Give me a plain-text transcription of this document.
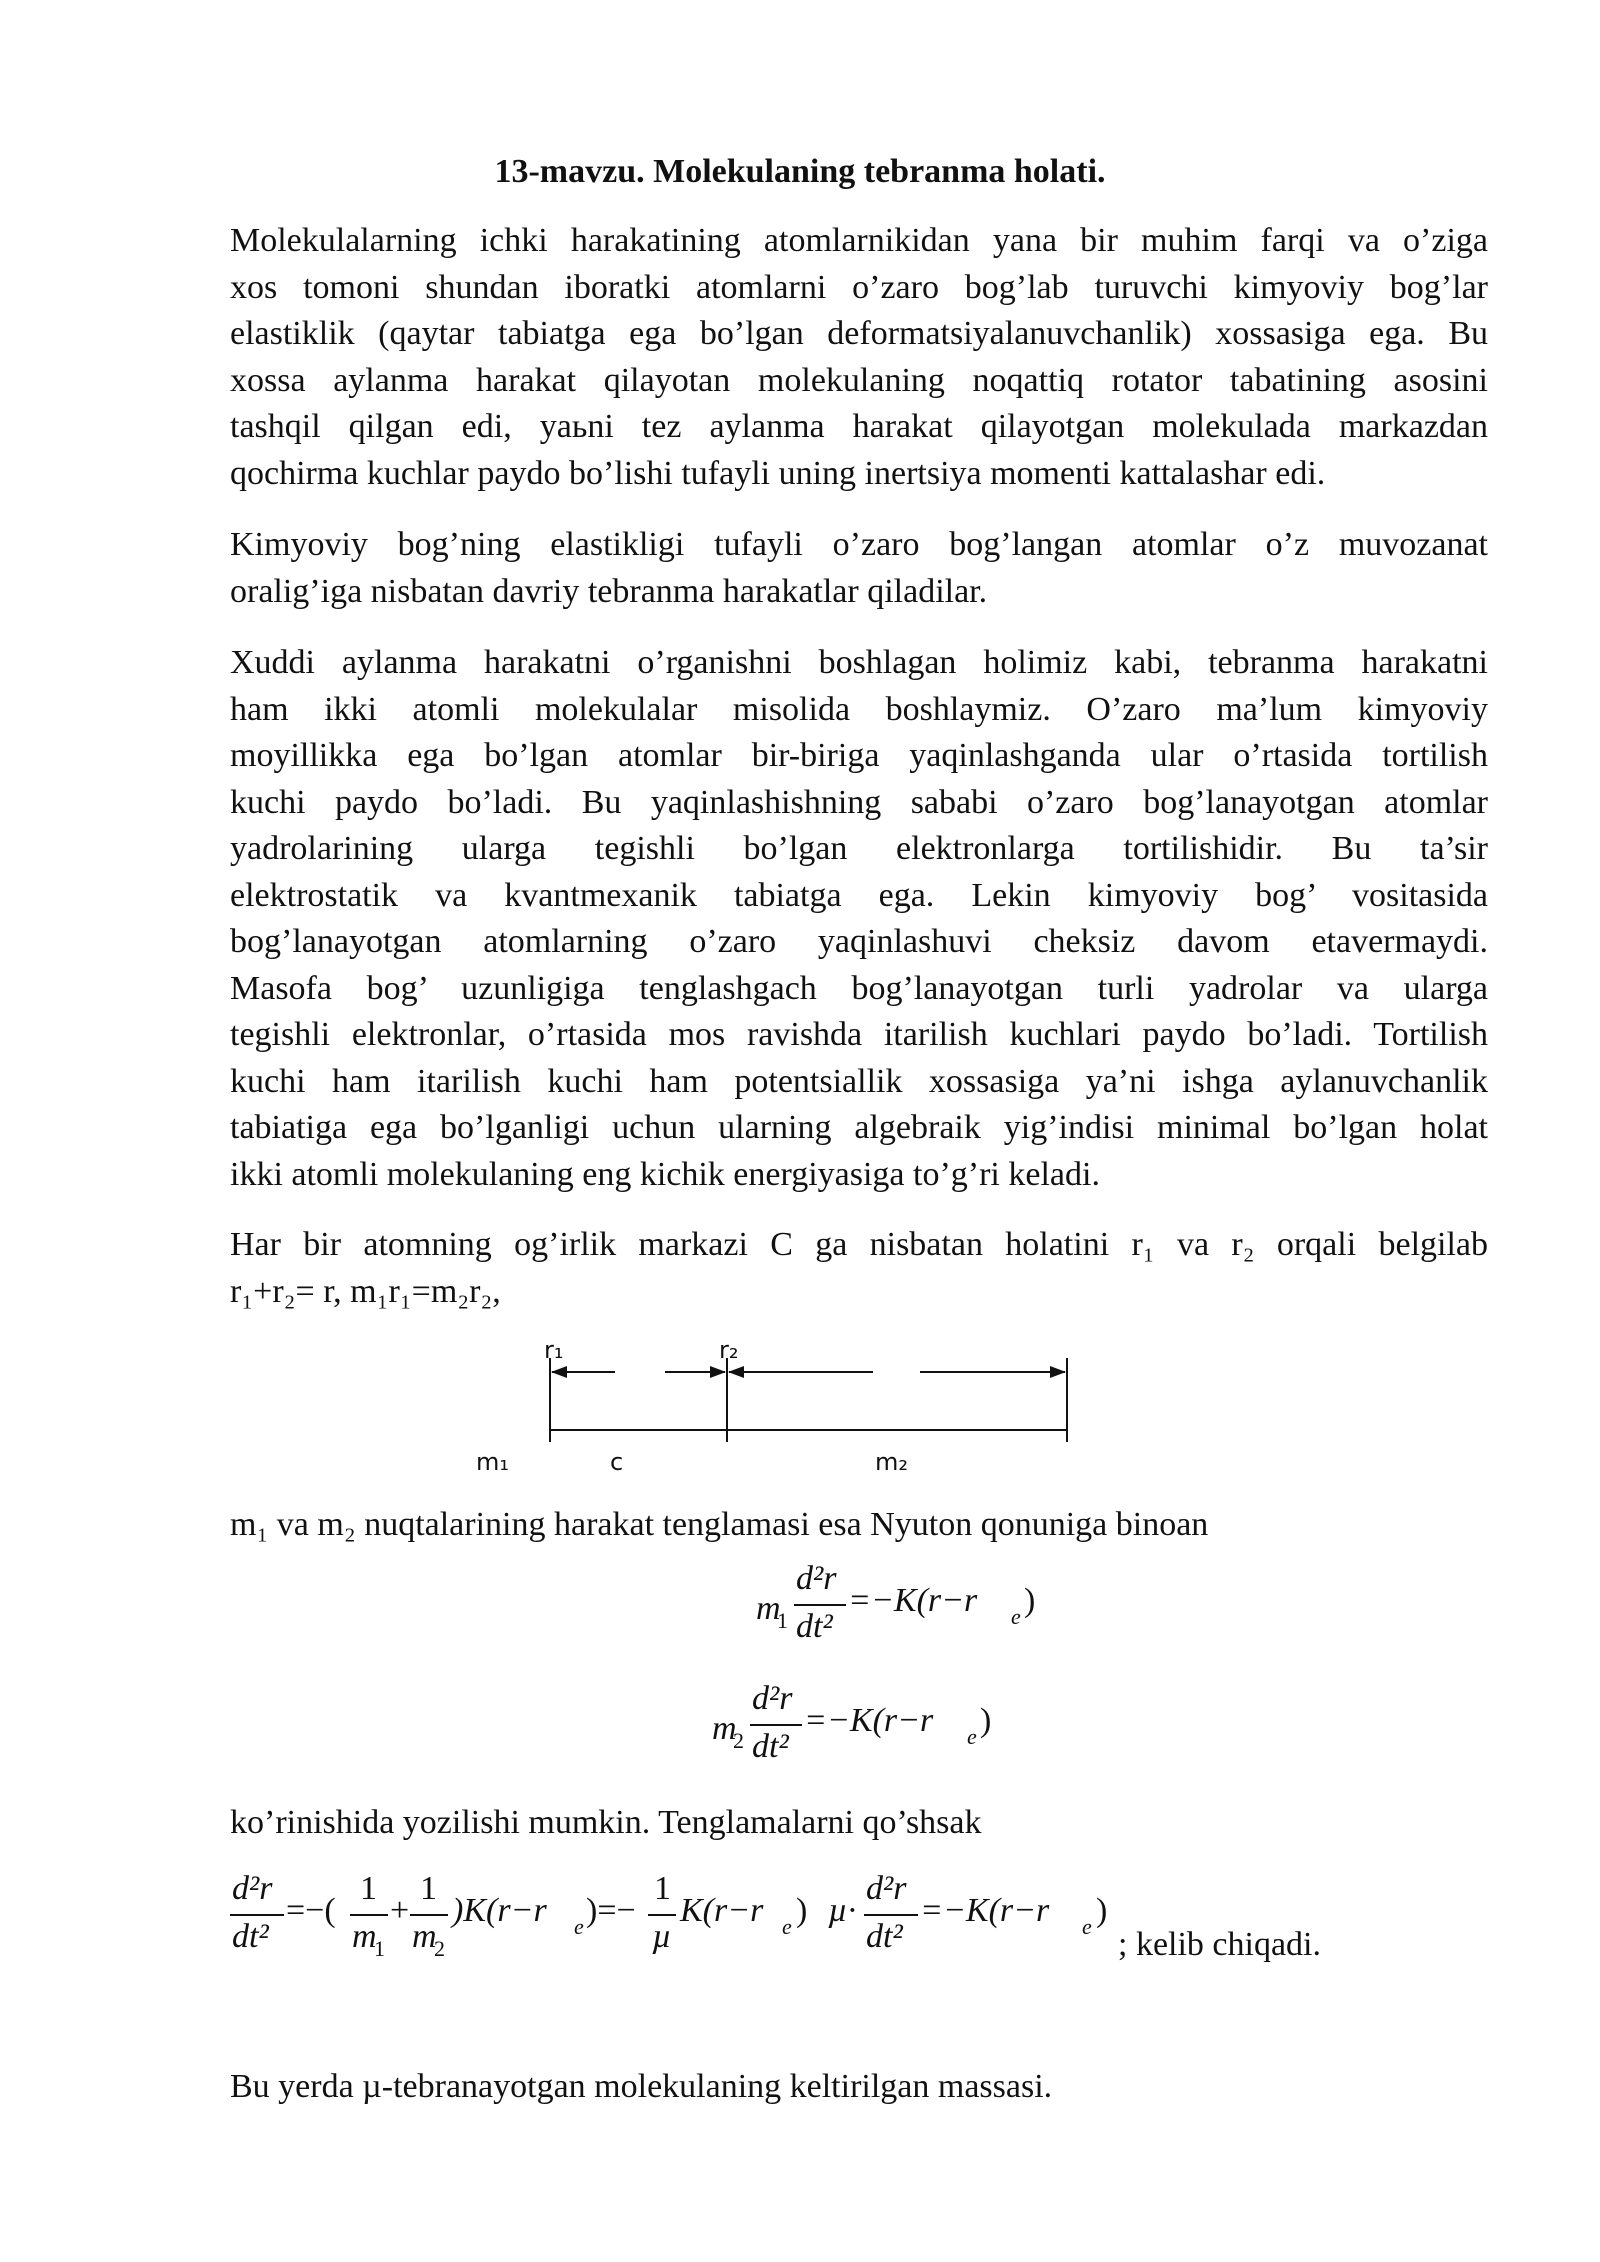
13-mavzu. Molekulaning tebranma holati.
Molekulalarning ichki harakatining atomlarnikidan yana bir muhim farqi va o’ziga
xos tomoni shundan iboratki atomlarni o’zaro bog’lab turuvchi kimyoviy bog’lar
elastiklik (qaytar tabiatga ega bo’lgan deformatsiyalanuvchanlik) xossasiga ega. Bu
xossa aylanma harakat qilayotan molekulaning noqattiq rotator tabatining asosini
tashqil qilgan edi, yaьni tez aylanma harakat qilayotgan molekulada markazdan
qochirma kuchlar paydo bo’lishi tufayli uning inertsiya momenti kattalashar edi.
Kimyoviy bog’ning elastikligi tufayli o’zaro bog’langan atomlar o’z muvozanat
oralig’iga nisbatan davriy tebranma harakatlar qiladilar.
Xuddi aylanma harakatni o’rganishni boshlagan holimiz kabi, tebranma harakatni
ham ikki atomli molekulalar misolida boshlaymiz. O’zaro ma’lum kimyoviy
moyillikka ega bo’lgan atomlar bir-biriga yaqinlashganda ular o’rtasida tortilish
kuchi paydo bo’ladi. Bu yaqinlashishning sababi o’zaro bog’lanayotgan atomlar
yadrolarining ularga tegishli bo’lgan elektronlarga tortilishidir. Bu ta’sir
elektrostatik va kvantmexanik tabiatga ega. Lekin kimyoviy bog’ vositasida
bog’lanayotgan atomlarning o’zaro yaqinlashuvi cheksiz davom etavermaydi.
Masofa bog’ uzunligiga tenglashgach bog’lanayotgan turli yadrolar va ularga
tegishli elektronlar, o’rtasida mos ravishda itarilish kuchlari paydo bo’ladi. Tortilish
kuchi ham itarilish kuchi ham potentsiallik xossasiga ya’ni ishga aylanuvchanlik
tabiatiga ega bo’lganligi uchun ularning algebraik yig’indisi minimal bo’lgan holat
ikki atomli molekulaning eng kichik energiyasiga to’g’ri keladi.
Har bir atomning og’irlik markazi C ga nisbatan holatini r₁ va r₂ orqali belgilab
r₁+r₂= r, m₁r₁=m₂r₂,
r₁	r₂
m₁	c	m₂
m₁ va m₂ nuqtalarining harakat tenglamasi esa Nyuton qonuniga binoan
m
1
d²r
dt²
=−K(r−r e )
m
2
d²r
dt²
=−K(r−r e )
ko’rinishida yozilishi mumkin. Tenglamalarni qo’shsak
d²r
dt²
=−(
1
m
1
+
1
m
2
)K(r−r e )=−
1
µ
K(r−r e ) µ·
d²r
dt²
=−K(r−r e )
; kelib chiqadi.
Bu yerda µ-tebranayotgan molekulaning keltirilgan massasi.
